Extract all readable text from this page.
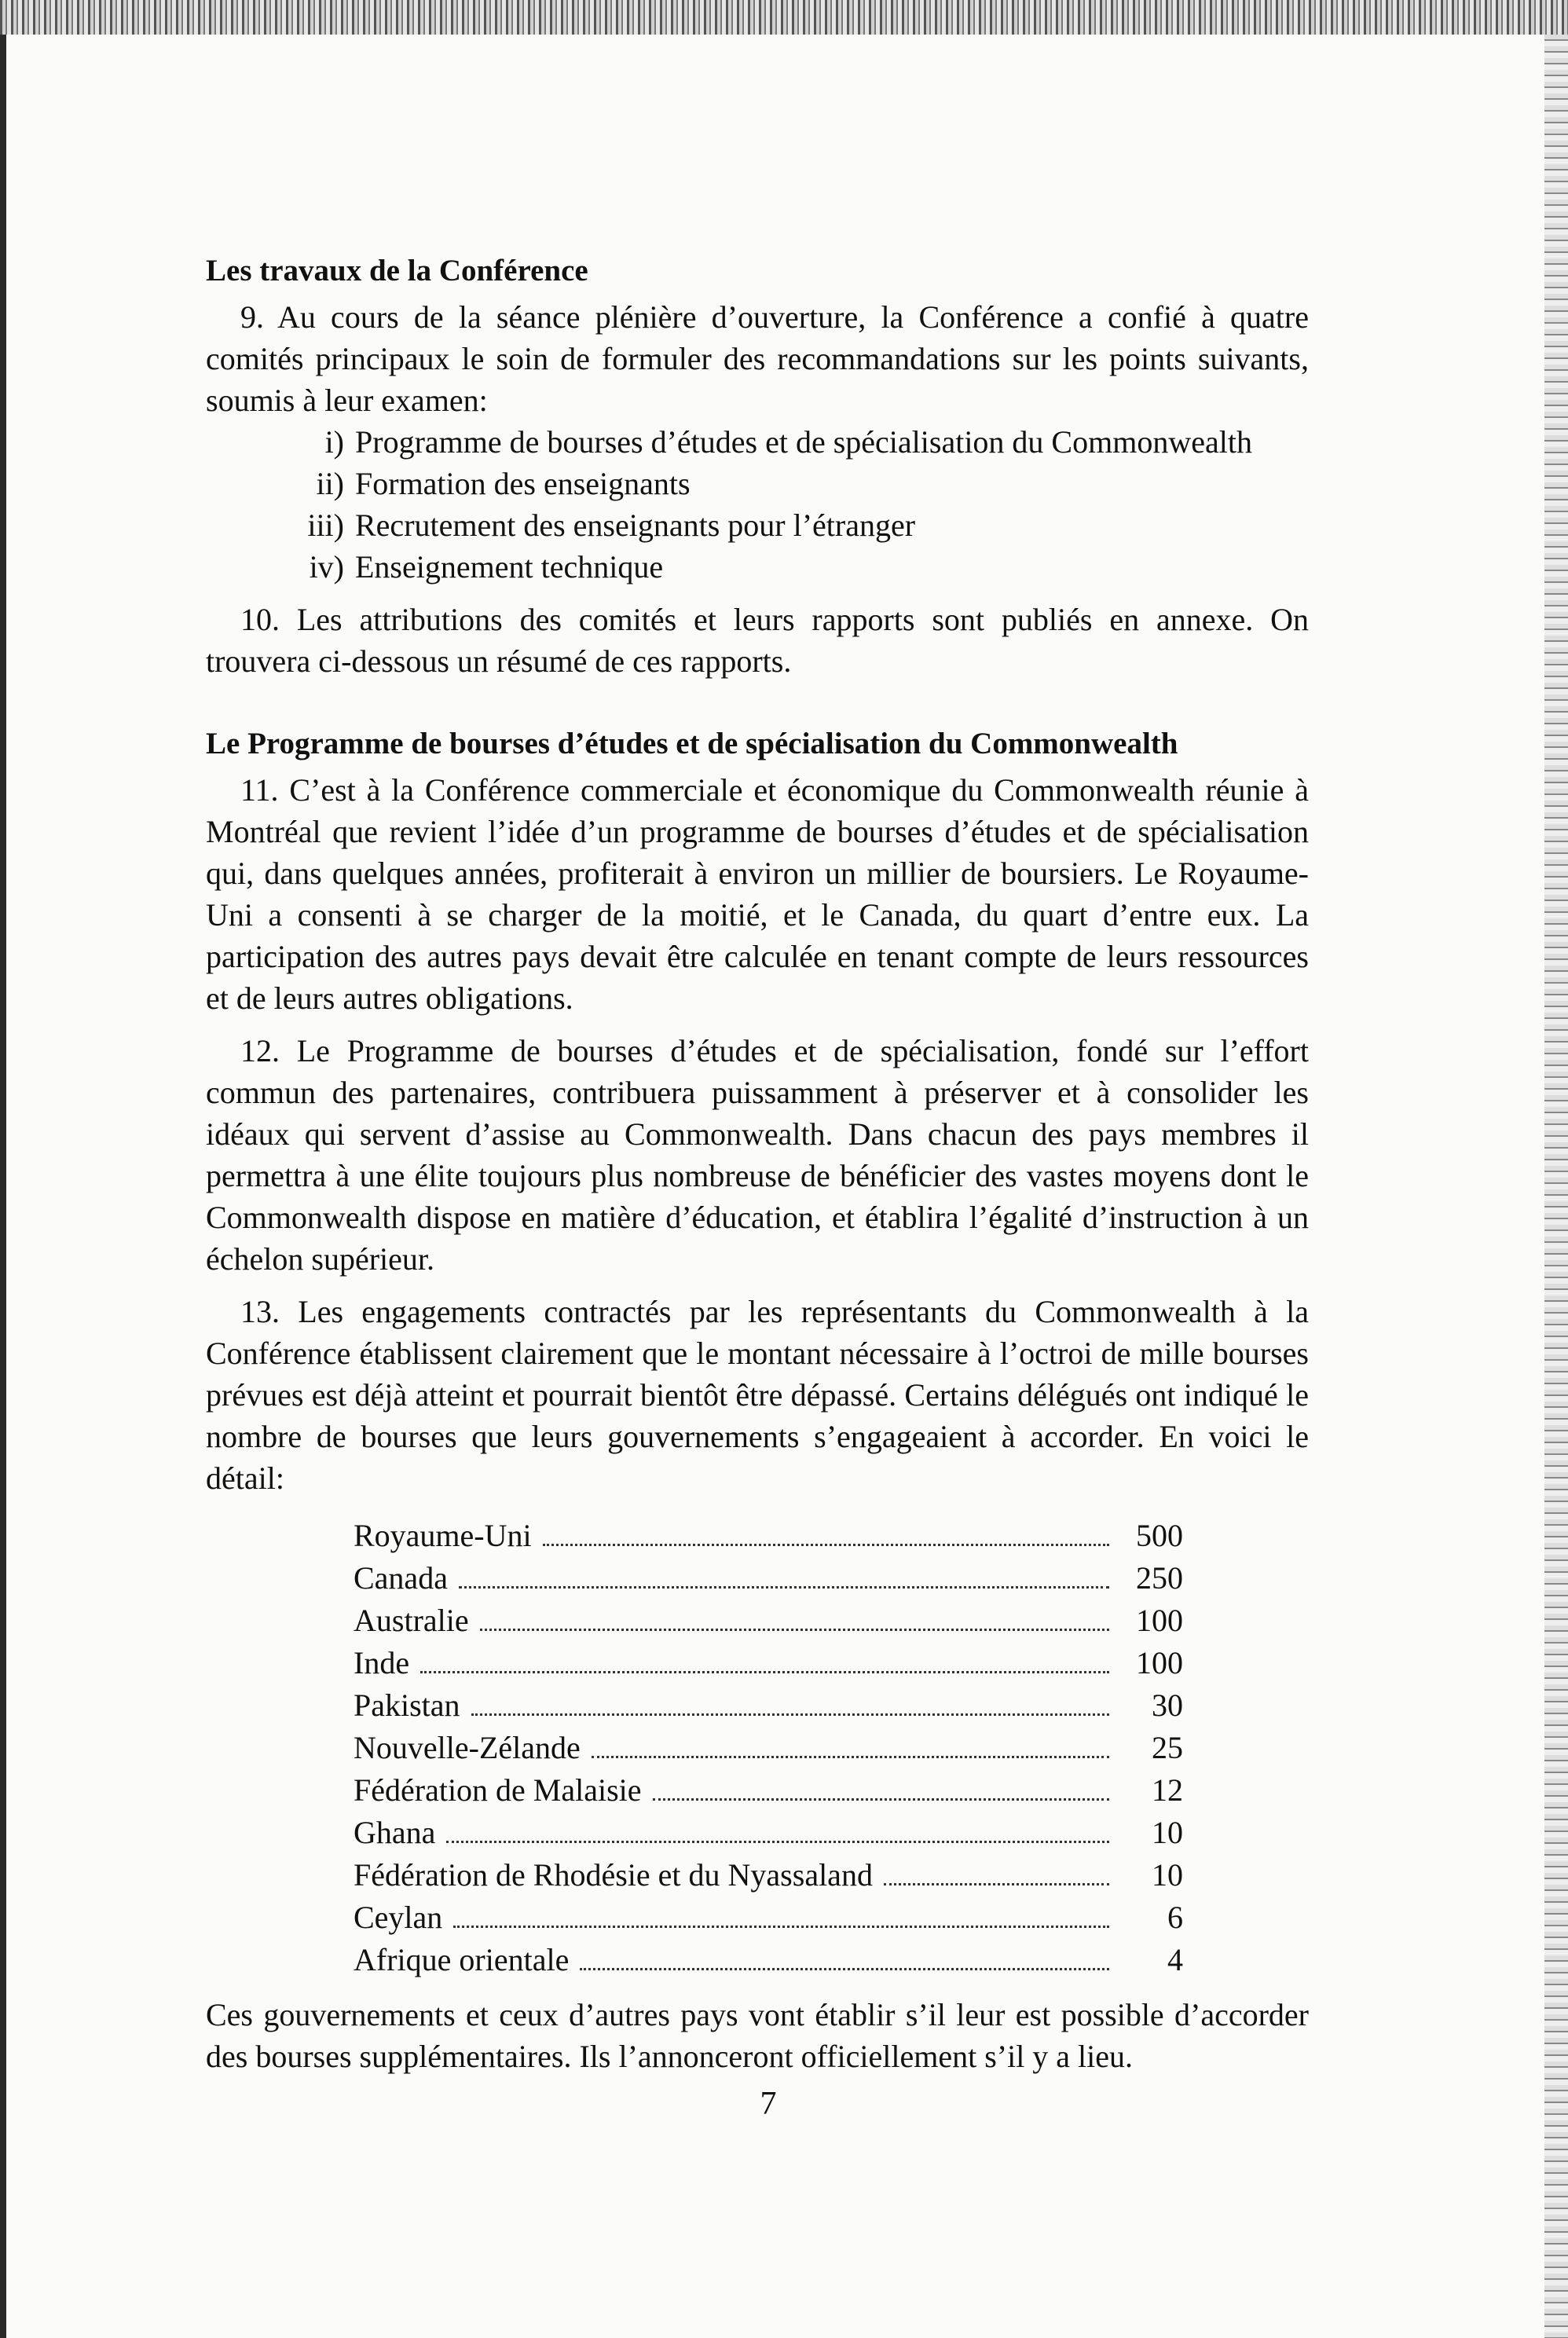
Les travaux de la Conférence

9. Au cours de la séance plénière d’ouverture, la Conférence a confié à quatre comités principaux le soin de formuler des recommandations sur les points suivants, soumis à leur examen:

i) Programme de bourses d’études et de spécialisation du Commonwealth
ii) Formation des enseignants
iii) Recrutement des enseignants pour l’étranger
iv) Enseignement technique

10. Les attributions des comités et leurs rapports sont publiés en annexe. On trouvera ci-dessous un résumé de ces rapports.

Le Programme de bourses d’études et de spécialisation du Commonwealth

11. C’est à la Conférence commerciale et économique du Commonwealth réunie à Montréal que revient l’idée d’un programme de bourses d’études et de spécialisation qui, dans quelques années, profiterait à environ un millier de boursiers. Le Royaume-Uni a consenti à se charger de la moitié, et le Canada, du quart d’entre eux. La participation des autres pays devait être calculée en tenant compte de leurs ressources et de leurs autres obligations.

12. Le Programme de bourses d’études et de spécialisation, fondé sur l’effort commun des partenaires, contribuera puissamment à préserver et à consolider les idéaux qui servent d’assise au Commonwealth. Dans chacun des pays membres il permettra à une élite toujours plus nombreuse de bénéficier des vastes moyens dont le Commonwealth dispose en matière d’éducation, et établira l’égalité d’instruction à un échelon supérieur.

13. Les engagements contractés par les représentants du Commonwealth à la Conférence établissent clairement que le montant nécessaire à l’octroi de mille bourses prévues est déjà atteint et pourrait bientôt être dépassé. Certains délégués ont indiqué le nombre de bourses que leurs gouvernements s’engageaient à accorder. En voici le détail:

Royaume-Uni	500
Canada	250
Australie	100
Inde	100
Pakistan	30
Nouvelle-Zélande	25
Fédération de Malaisie	12
Ghana	10
Fédération de Rhodésie et du Nyassaland	10
Ceylan	6
Afrique orientale	4

Ces gouvernements et ceux d’autres pays vont établir s’il leur est possible d’accorder des bourses supplémentaires. Ils l’annonceront officiellement s’il y a lieu.

7
